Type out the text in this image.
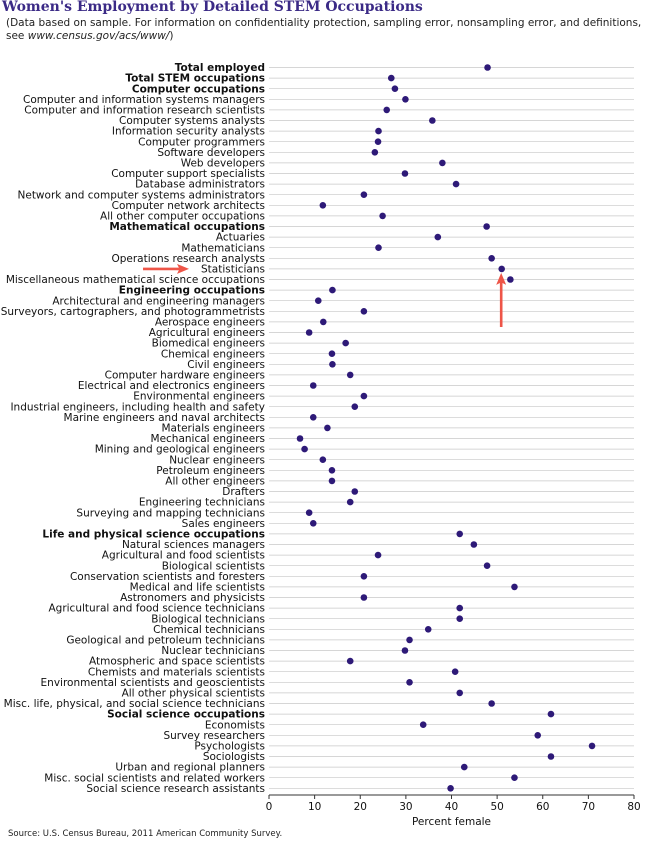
Women's Employment by Detailed STEM Occupations
(Data based on sample. For information on confidentiality protection, sampling error, nonsampling error, and definitions, see www.census.gov/acs/www/)
0	10	20	30	40	50	60	70	80
Percent female
Total employed
Total STEM occupations
Computer occupations
Computer and information systems managers
Computer and information research scientists
Computer systems analysts
Information security analysts
Computer programmers
Software developers
Web developers
Computer support specialists
Database administrators
Network and computer systems administrators
Computer network architects
All other computer occupations
Mathematical occupations
Actuaries
Mathematicians
Operations research analysts
Statisticians
Miscellaneous mathematical science occupations
Engineering occupations
Architectural and engineering managers
Surveyors, cartographers, and photogrammetrists
Aerospace engineers
Agricultural engineers
Biomedical engineers
Chemical engineers
Civil engineers
Computer hardware engineers
Electrical and electronics engineers
Environmental engineers
Industrial engineers, including health and safety
Marine engineers and naval architects
Materials engineers
Mechanical engineers
Mining and geological engineers
Nuclear engineers
Petroleum engineers
All other engineers
Drafters
Engineering technicians
Surveying and mapping technicians
Sales engineers
Life and physical science occupations
Natural sciences managers
Agricultural and food scientists
Biological scientists
Conservation scientists and foresters
Medical and life scientists
Astronomers and physicists
Agricultural and food science technicians
Biological technicians
Chemical technicians
Geological and petroleum technicians
Nuclear technicians
Atmospheric and space scientists
Chemists and materials scientists
Environmental scientists and geoscientists
All other physical scientists
Misc. life, physical, and social science technicians
Social science occupations
Economists
Survey researchers
Psychologists
Sociologists
Urban and regional planners
Misc. social scientists and related workers
Social science research assistants
Source: U.S. Census Bureau, 2011 American Community Survey.
